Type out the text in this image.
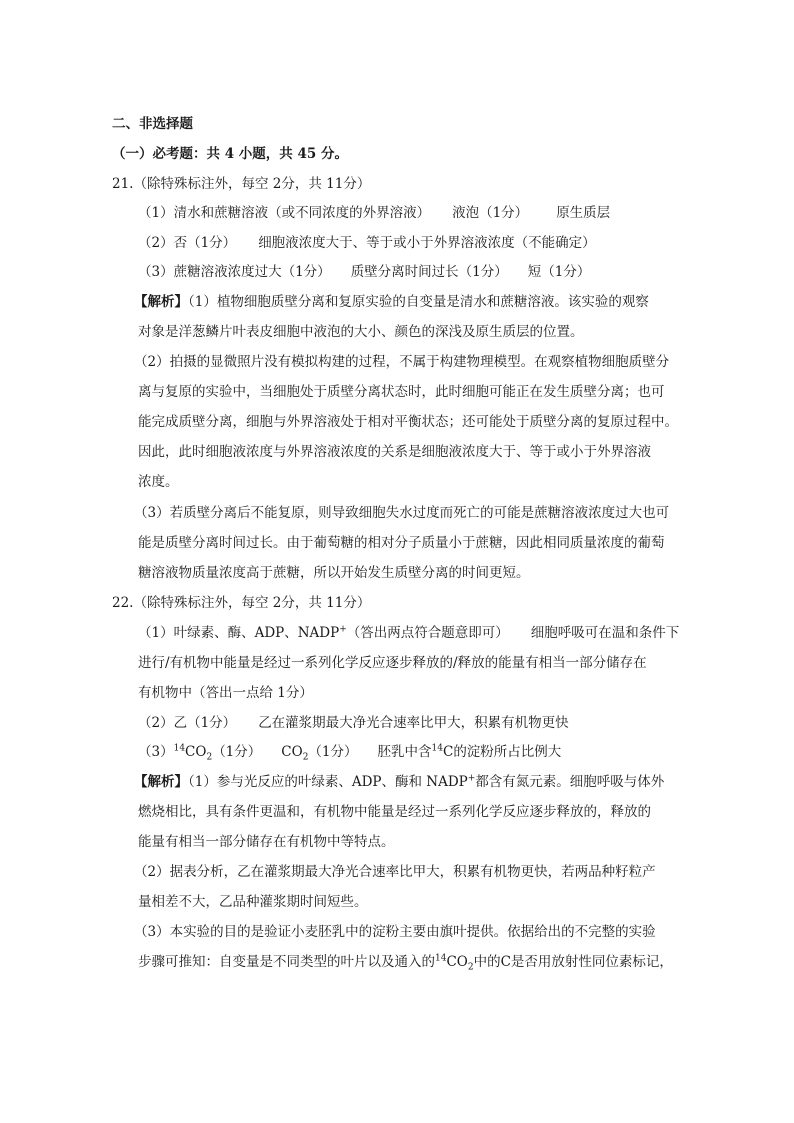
二、非选择题
（一）必考题：共 4 小题，共 45 分。
21.（除特殊标注外，每空 2分，共 11分）
（1）清水和蔗糖溶液（或不同浓度的外界溶液） 液泡（1分） 原生质层
（2）否（1分） 细胞液浓度大于、等于或小于外界溶液浓度（不能确定）
（3）蔗糖溶液浓度过大（1分） 质壁分离时间过长（1分） 短（1分）
【解析】（1）植物细胞质壁分离和复原实验的自变量是清水和蔗糖溶液。该实验的观察
对象是洋葱鳞片叶表皮细胞中液泡的大小、颜色的深浅及原生质层的位置。
（2）拍摄的显微照片没有模拟构建的过程，不属于构建物理模型。在观察植物细胞质壁分
离与复原的实验中，当细胞处于质壁分离状态时，此时细胞可能正在发生质壁分离；也可
能完成质壁分离，细胞与外界溶液处于相对平衡状态；还可能处于质壁分离的复原过程中。
因此，此时细胞液浓度与外界溶液浓度的关系是细胞液浓度大于、等于或小于外界溶液
浓度。
（3）若质壁分离后不能复原，则导致细胞失水过度而死亡的可能是蔗糖溶液浓度过大也可
能是质壁分离时间过长。由于葡萄糖的相对分子质量小于蔗糖，因此相同质量浓度的葡萄
糖溶液物质量浓度高于蔗糖，所以开始发生质壁分离的时间更短。
22.（除特殊标注外，每空 2分，共 11分）
（1）叶绿素、酶、ADP、NADP+（答出两点符合题意即可） 细胞呼吸可在温和条件下
进行/有机物中能量是经过一系列化学反应逐步释放的/释放的能量有相当一部分储存在
有机物中（答出一点给 1分）
（2）乙（1分） 乙在灌浆期最大净光合速率比甲大，积累有机物更快
$(3)^{14}CO_2(1$分） $CO_2(1$分） 胚乳中含$^{14}$C的淀粉所占比例大
【解析】（1）参与光反应的叶绿素、ADP、酶和 NADP+都含有氮元素。细胞呼吸与体外
燃烧相比，具有条件更温和，有机物中能量是经过一系列化学反应逐步释放的，释放的
能量有相当一部分储存在有机物中等特点。
（2）据表分析，乙在灌浆期最大净光合速率比甲大，积累有机物更快，若两品种籽粒产
量相差不大，乙品种灌浆期时间短些。
（3）本实验的目的是验证小麦胚乳中的淀粉主要由旗叶提供。依据给出的不完整的实验
步骤可推知：自变量是不同类型的叶片以及通入的$^{14}CO_2$中的C是否用放射性同位素标记，
